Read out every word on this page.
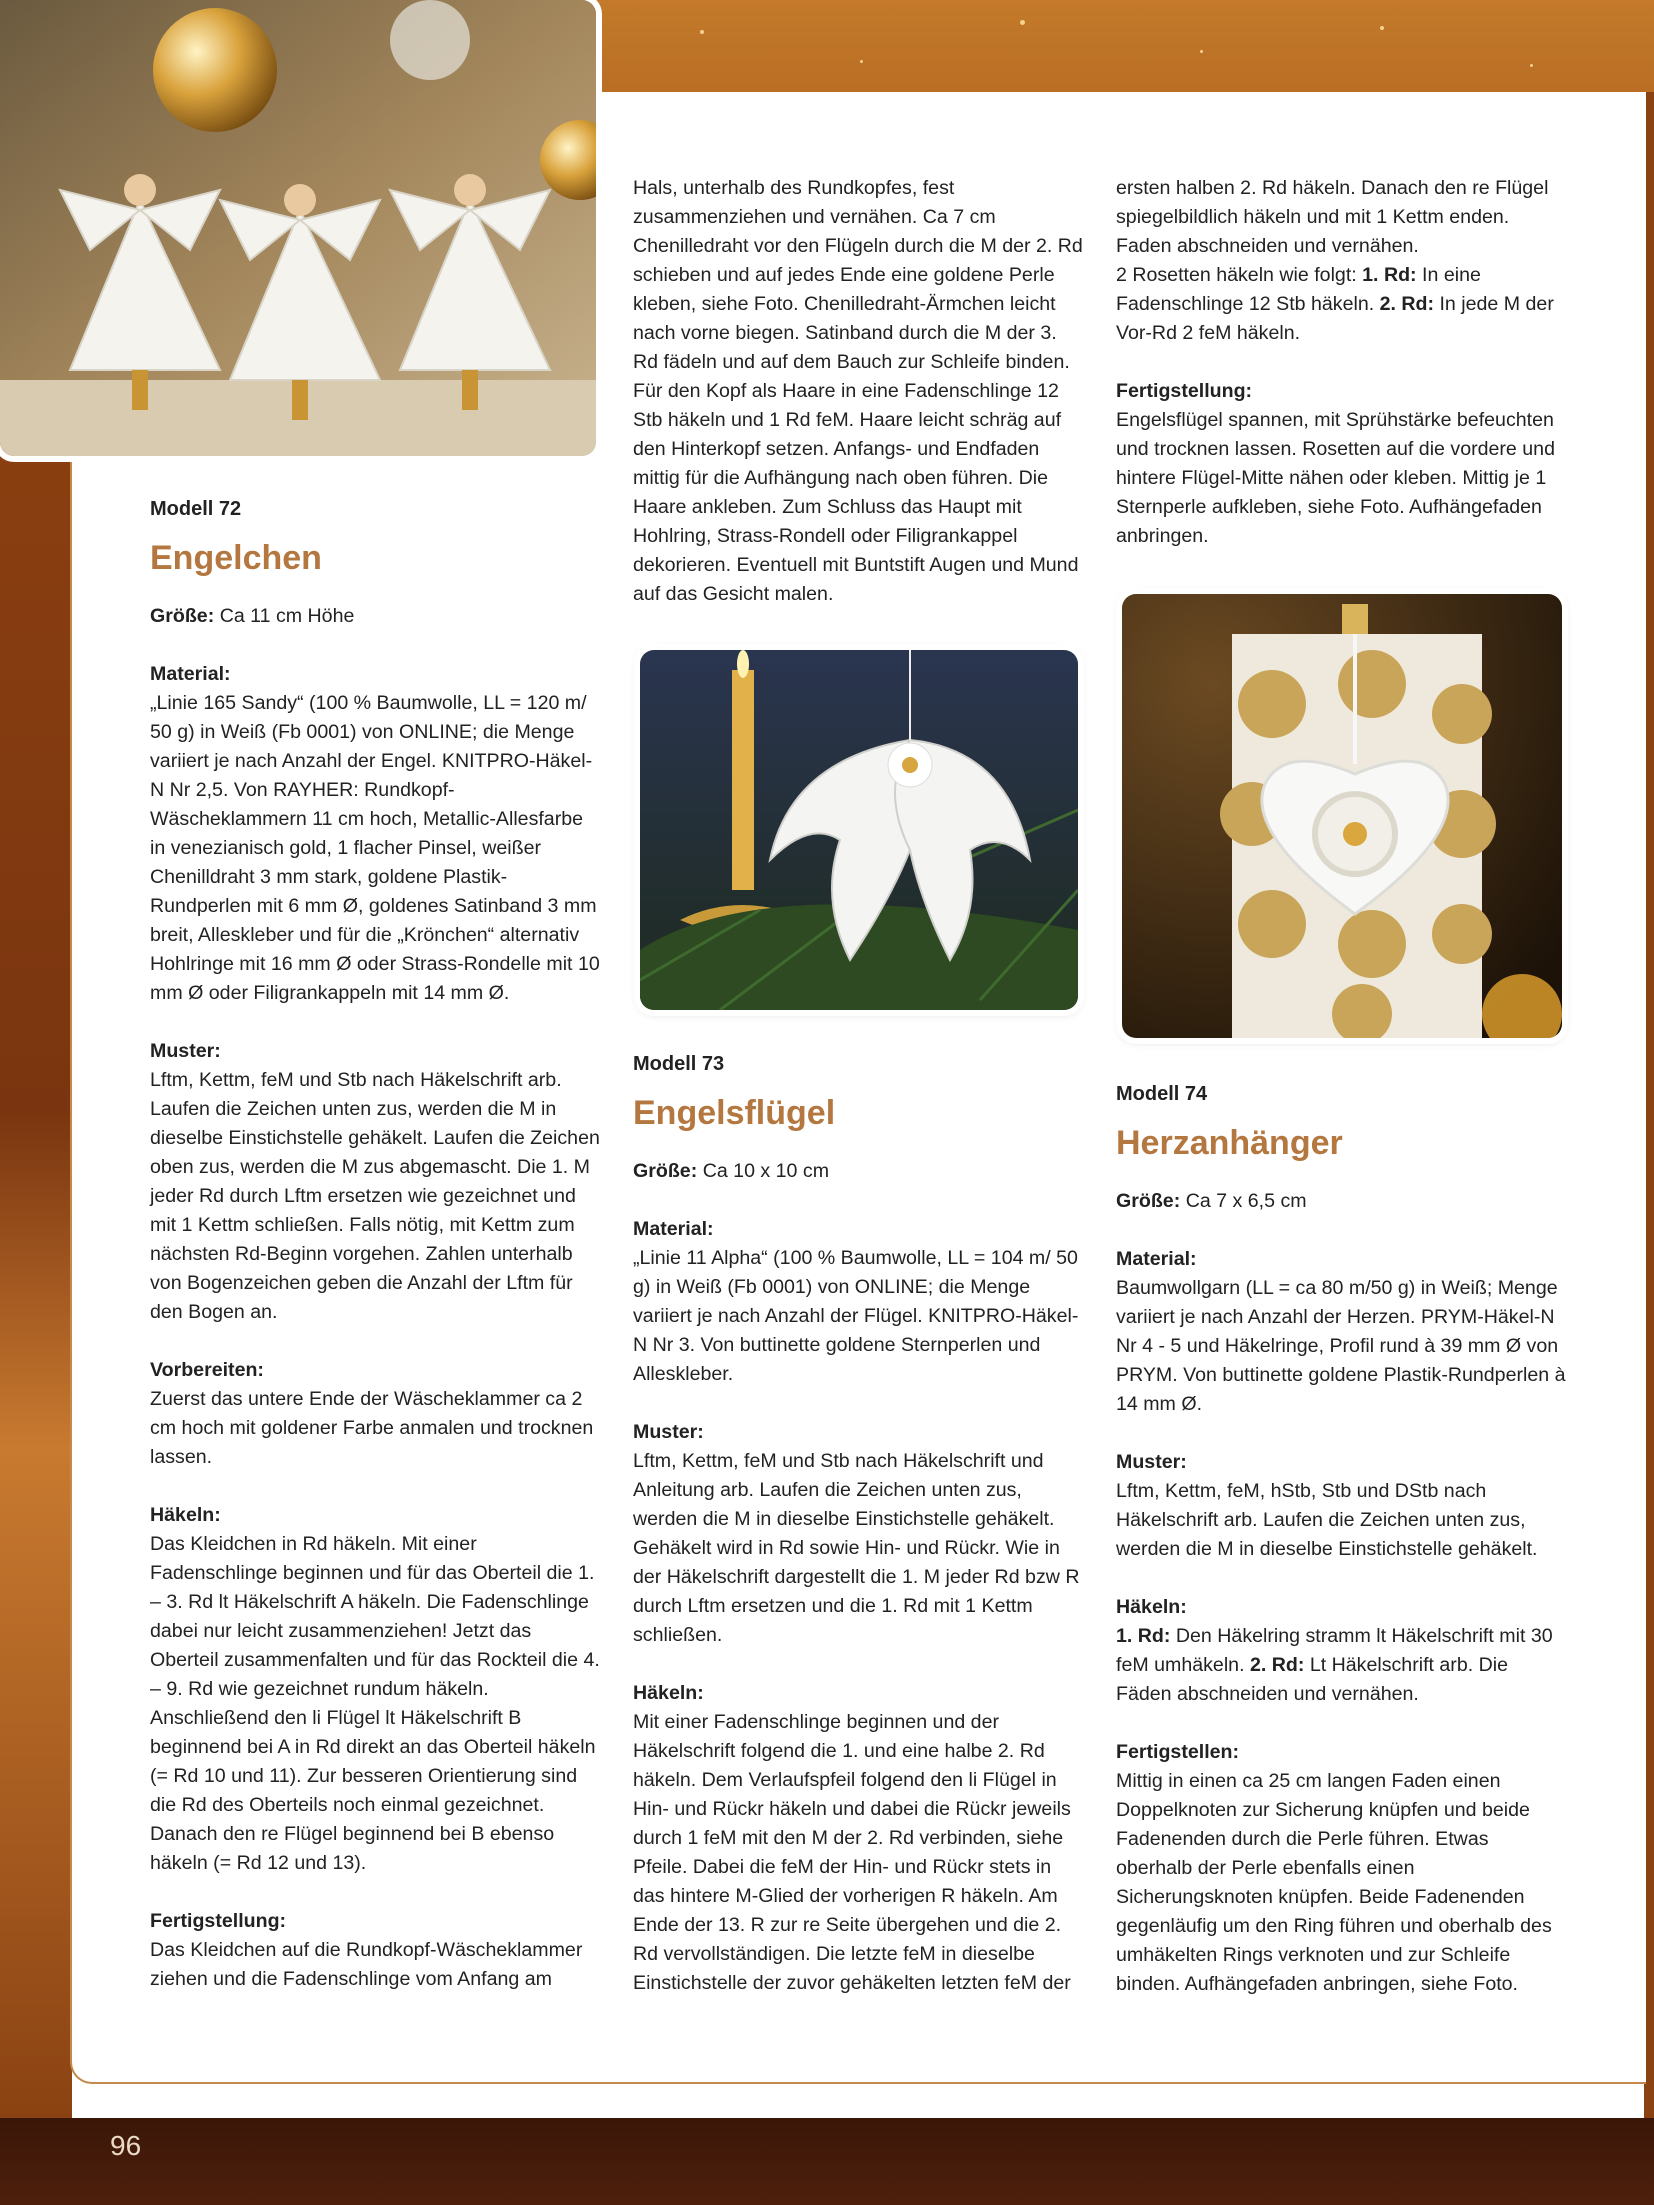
Modell 72

Engelchen

Größe: Ca 11 cm Höhe

Material:
„Linie 165 Sandy“ (100 % Baumwolle, LL = 120 m/ 50 g) in Weiß (Fb 0001) von ONLINE; die Menge variiert je nach Anzahl der Engel. KNITPRO-Häkel-N Nr 2,5. Von RAYHER: Rundkopf-Wäscheklammern 11 cm hoch, Metallic-Allesfarbe in venezianisch gold, 1 flacher Pinsel, weißer Chenilldraht 3 mm stark, goldene Plastik-Rundperlen mit 6 mm Ø, goldenes Satinband 3 mm breit, Alleskleber und für die „Krönchen“ alternativ Hohlringe mit 16 mm Ø oder Strass-Rondelle mit 10 mm Ø oder Filigrankappeln mit 14 mm Ø.

Muster:
Lftm, Kettm, feM und Stb nach Häkelschrift arb. Laufen die Zeichen unten zus, werden die M in dieselbe Einstichstelle gehäkelt. Laufen die Zeichen oben zus, werden die M zus abgemascht. Die 1. M jeder Rd durch Lftm ersetzen wie gezeichnet und mit 1 Kettm schließen. Falls nötig, mit Kettm zum nächsten Rd-Beginn vorgehen. Zahlen unterhalb von Bogenzeichen geben die Anzahl der Lftm für den Bogen an.

Vorbereiten:
Zuerst das untere Ende der Wäscheklammer ca 2 cm hoch mit goldener Farbe anmalen und trocknen lassen.

Häkeln:
Das Kleidchen in Rd häkeln. Mit einer Fadenschlinge beginnen und für das Oberteil die 1. – 3. Rd lt Häkelschrift A häkeln. Die Fadenschlinge dabei nur leicht zusammenziehen! Jetzt das Oberteil zusammenfalten und für das Rockteil die 4. – 9. Rd wie gezeichnet rundum häkeln. Anschließend den li Flügel lt Häkelschrift B beginnend bei A in Rd direkt an das Oberteil häkeln (= Rd 10 und 11). Zur besseren Orientierung sind die Rd des Oberteils noch einmal gezeichnet. Danach den re Flügel beginnend bei B ebenso häkeln (= Rd 12 und 13).

Fertigstellung:
Das Kleidchen auf die Rundkopf-Wäscheklammer ziehen und die Fadenschlinge vom Anfang am

Hals, unterhalb des Rundkopfes, fest zusammenziehen und vernähen. Ca 7 cm Chenilledraht vor den Flügeln durch die M der 2. Rd schieben und auf jedes Ende eine goldene Perle kleben, siehe Foto. Chenilledraht-Ärmchen leicht nach vorne biegen. Satinband durch die M der 3. Rd fädeln und auf dem Bauch zur Schleife binden. Für den Kopf als Haare in eine Fadenschlinge 12 Stb häkeln und 1 Rd feM. Haare leicht schräg auf den Hinterkopf setzen. Anfangs- und Endfaden mittig für die Aufhängung nach oben führen. Die Haare ankleben. Zum Schluss das Haupt mit Hohlring, Strass-Rondell oder Filigrankappel dekorieren. Eventuell mit Buntstift Augen und Mund auf das Gesicht malen.

Modell 73

Engelsflügel

Größe: Ca 10 x 10 cm

Material:
„Linie 11 Alpha“ (100 % Baumwolle, LL = 104 m/ 50 g) in Weiß (Fb 0001) von ONLINE; die Menge variiert je nach Anzahl der Flügel. KNITPRO-Häkel-N Nr 3. Von buttinette goldene Sternperlen und Alleskleber.

Muster:
Lftm, Kettm, feM und Stb nach Häkelschrift und Anleitung arb. Laufen die Zeichen unten zus, werden die M in dieselbe Einstichstelle gehäkelt. Gehäkelt wird in Rd sowie Hin- und Rückr. Wie in der Häkelschrift dargestellt die 1. M jeder Rd bzw R durch Lftm ersetzen und die 1. Rd mit 1 Kettm schließen.

Häkeln:
Mit einer Fadenschlinge beginnen und der Häkelschrift folgend die 1. und eine halbe 2. Rd häkeln. Dem Verlaufspfeil folgend den li Flügel in Hin- und Rückr häkeln und dabei die Rückr jeweils durch 1 feM mit den M der 2. Rd verbinden, siehe Pfeile. Dabei die feM der Hin- und Rückr stets in das hintere M-Glied der vorherigen R häkeln. Am Ende der 13. R zur re Seite übergehen und die 2. Rd vervollständigen. Die letzte feM in dieselbe Einstichstelle der zuvor gehäkelten letzten feM der

ersten halben 2. Rd häkeln. Danach den re Flügel spiegelbildlich häkeln und mit 1 Kettm enden. Faden abschneiden und vernähen.

2 Rosetten häkeln wie folgt: 1. Rd: In eine Fadenschlinge 12 Stb häkeln. 2. Rd: In jede M der Vor-Rd 2 feM häkeln.

Fertigstellung:
Engelsflügel spannen, mit Sprühstärke befeuchten und trocknen lassen. Rosetten auf die vordere und hintere Flügel-Mitte nähen oder kleben. Mittig je 1 Sternperle aufkleben, siehe Foto. Aufhängefaden anbringen.

Modell 74

Herzanhänger

Größe: Ca 7 x 6,5 cm

Material:
Baumwollgarn (LL = ca 80 m/50 g) in Weiß; Menge variiert je nach Anzahl der Herzen. PRYM-Häkel-N Nr 4 - 5 und Häkelringe, Profil rund à 39 mm Ø von PRYM. Von buttinette goldene Plastik-Rundperlen à 14 mm Ø.

Muster:
Lftm, Kettm, feM, hStb, Stb und DStb nach Häkelschrift arb. Laufen die Zeichen unten zus, werden die M in dieselbe Einstichstelle gehäkelt.

Häkeln:
1. Rd: Den Häkelring stramm lt Häkelschrift mit 30 feM umhäkeln. 2. Rd: Lt Häkelschrift arb. Die Fäden abschneiden und vernähen.

Fertigstellen:
Mittig in einen ca 25 cm langen Faden einen Doppelknoten zur Sicherung knüpfen und beide Fadenenden durch die Perle führen. Etwas oberhalb der Perle ebenfalls einen Sicherungsknoten knüpfen. Beide Fadenenden gegenläufig um den Ring führen und oberhalb des umhäkelten Rings verknoten und zur Schleife binden. Aufhängefaden anbringen, siehe Foto.

96
